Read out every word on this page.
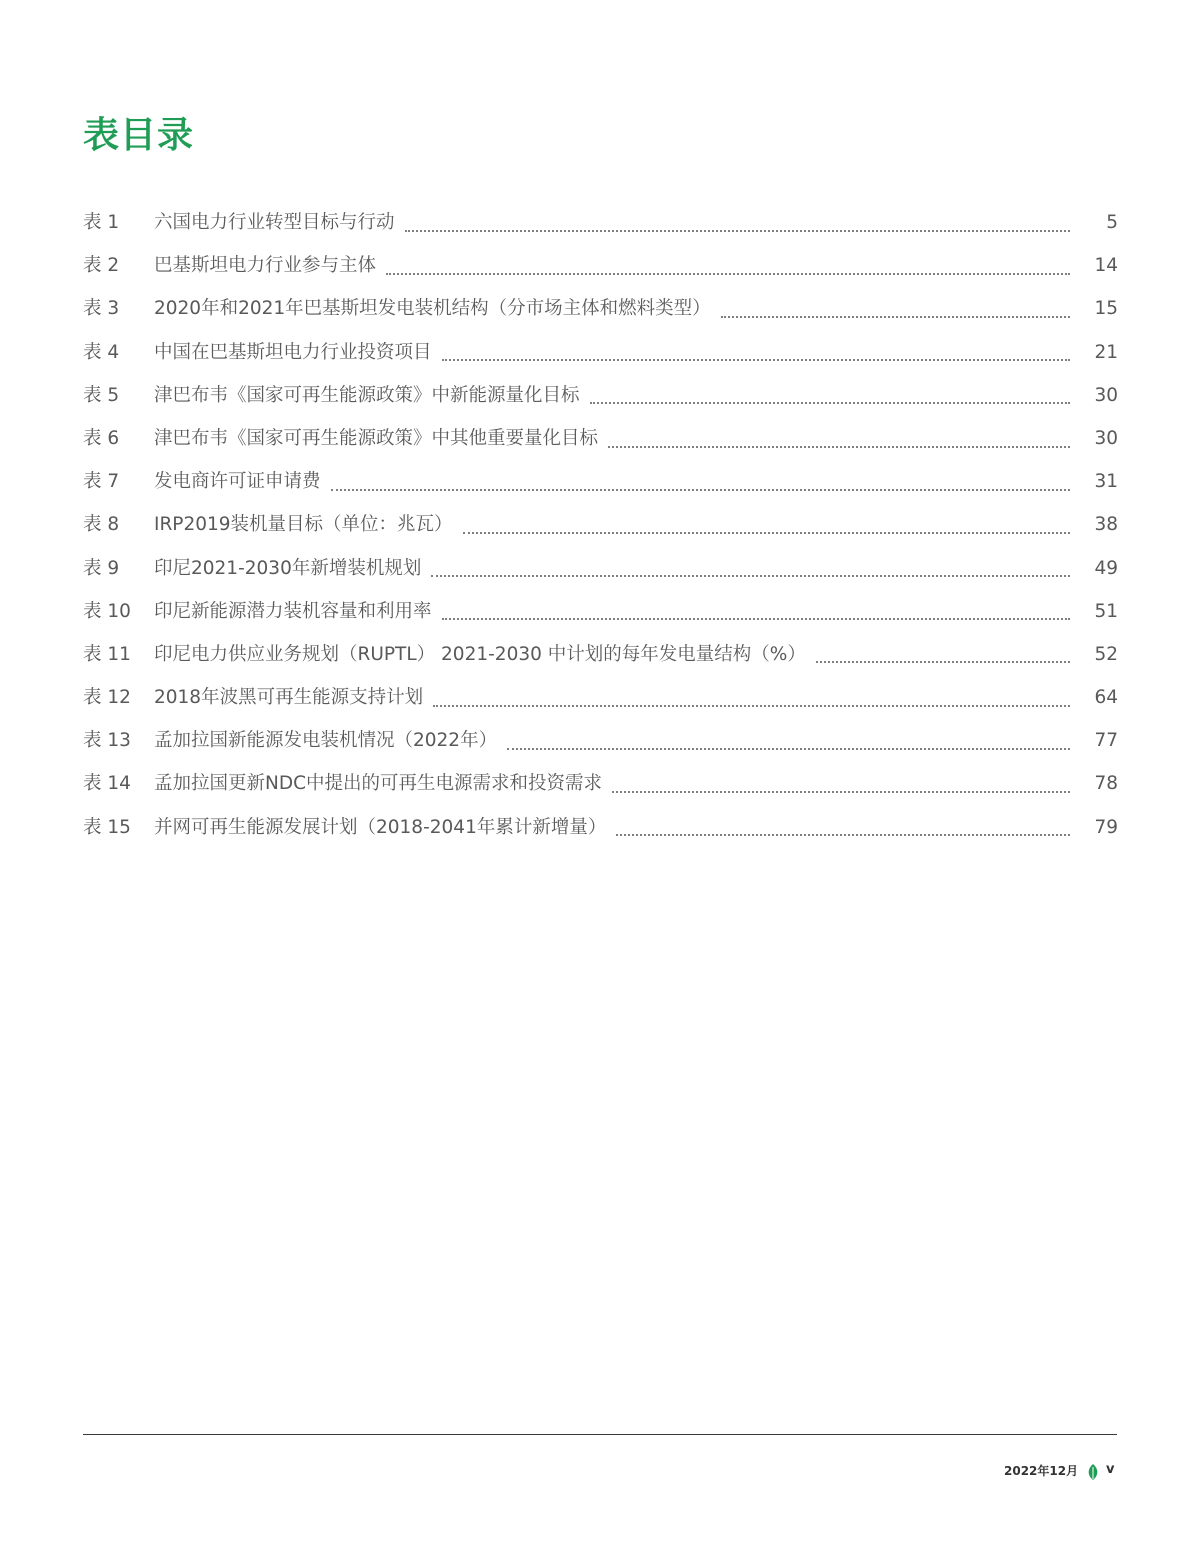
表目录
表 1	六国电力行业转型目标与行动	5
表 2	巴基斯坦电力行业参与主体	14
表 3	2020年和2021年巴基斯坦发电装机结构（分市场主体和燃料类型）	15
表 4	中国在巴基斯坦电力行业投资项目	21
表 5	津巴布韦《国家可再生能源政策》中新能源量化目标	30
表 6	津巴布韦《国家可再生能源政策》中其他重要量化目标	30
表 7	发电商许可证申请费	31
表 8	IRP2019装机量目标（单位：兆瓦）	38
表 9	印尼2021-2030年新增装机规划	49
表 10	印尼新能源潜力装机容量和利用率	51
表 11	印尼电力供应业务规划（RUPTL） 2021-2030 中计划的每年发电量结构（%）	52
表 12	2018年波黑可再生能源支持计划	64
表 13	孟加拉国新能源发电装机情况（2022年）	77
表 14	孟加拉国更新NDC中提出的可再生电源需求和投资需求	78
表 15	并网可再生能源发展计划（2018-2041年累计新增量）	79
2022年12月 v
